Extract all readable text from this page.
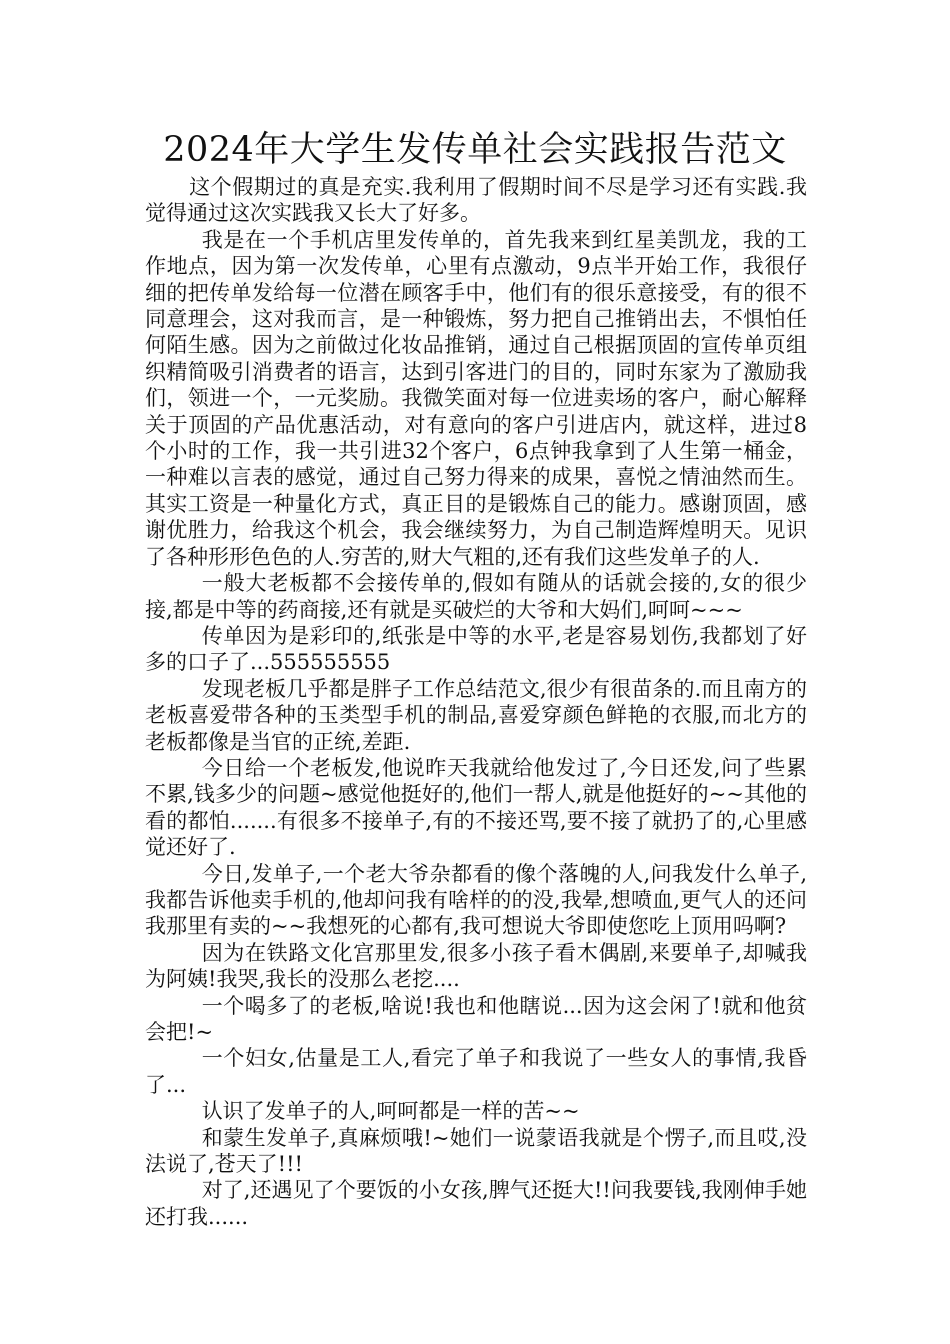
2024年大学生发传单社会实践报告范文

这个假期过的真是充实.我利用了假期时间不尽是学习还有实践.我觉得通过这次实践我又长大了好多。

我是在一个手机店里发传单的，首先我来到红星美凯龙，我的工作地点，因为第一次发传单，心里有点激动，9点半开始工作，我很仔细的把传单发给每一位潜在顾客手中，他们有的很乐意接受，有的很不同意理会，这对我而言，是一种锻炼，努力把自己推销出去，不惧怕任何陌生感。因为之前做过化妆品推销，通过自己根据顶固的宣传单页组织精简吸引消费者的语言，达到引客进门的目的，同时东家为了激励我们，领进一个，一元奖励。我微笑面对每一位进卖场的客户，耐心解释关于顶固的产品优惠活动，对有意向的客户引进店内，就这样，进过8个小时的工作，我一共引进32个客户，6点钟我拿到了人生第一桶金，一种难以言表的感觉，通过自己努力得来的成果，喜悦之情油然而生。其实工资是一种量化方式，真正目的是锻炼自己的能力。感谢顶固，感谢优胜力，给我这个机会，我会继续努力，为自己制造辉煌明天。见识了各种形形色色的人.穷苦的,财大气粗的,还有我们这些发单子的人.

一般大老板都不会接传单的,假如有随从的话就会接的,女的很少接,都是中等的药商接,还有就是买破烂的大爷和大妈们,呵呵~~~

传单因为是彩印的,纸张是中等的水平,老是容易划伤,我都划了好多的口子了...555555555

发现老板几乎都是胖子工作总结范文,很少有很苗条的.而且南方的老板喜爱带各种的玉类型手机的制品,喜爱穿颜色鲜艳的衣服,而北方的老板都像是当官的正统,差距.

今日给一个老板发,他说昨天我就给他发过了,今日还发,问了些累不累,钱多少的问题~感觉他挺好的,他们一帮人,就是他挺好的~~其他的看的都怕.......有很多不接单子,有的不接还骂,要不接了就扔了的,心里感觉还好了.

今日,发单子,一个老大爷杂都看的像个落魄的人,问我发什么单子,我都告诉他卖手机的,他却问我有啥样的的没,我晕,想喷血,更气人的还问我那里有卖的~~我想死的心都有,我可想说大爷即使您吃上顶用吗啊?

因为在铁路文化宫那里发,很多小孩子看木偶剧,来要单子,却喊我为阿姨!我哭,我长的没那么老挖....

一个喝多了的老板,啥说!我也和他瞎说...因为这会闲了!就和他贫会把!~

一个妇女,估量是工人,看完了单子和我说了一些女人的事情,我昏了...

认识了发单子的人,呵呵都是一样的苦~~

和蒙生发单子,真麻烦哦!~她们一说蒙语我就是个愣子,而且哎,没法说了,苍天了!!!

对了,还遇见了个要饭的小女孩,脾气还挺大!!问我要钱,我刚伸手她还打我......
